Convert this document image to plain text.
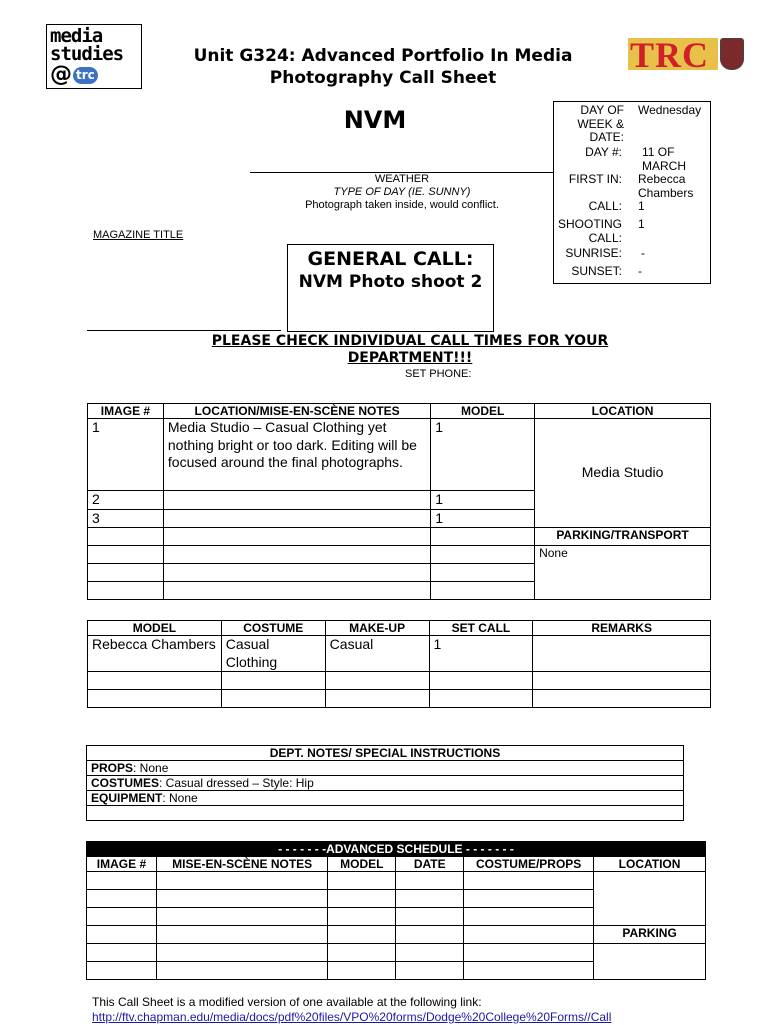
media
studies
@ trc
Unit G324: Advanced Portfolio In Media
Photography Call Sheet
TRC
NVM
WEATHER
TYPE OF DAY (IE. SUNNY)
Photograph taken inside, would conflict.
MAGAZINE TITLE
DAY OF WEEK & DATE:
Wednesday
DAY #: 11 OF MARCH
FIRST IN: Rebecca Chambers
CALL: 1
SHOOTING CALL:
1
SUNRISE: -
SUNSET: -
GENERAL CALL:
NVM Photo shoot 2
PLEASE CHECK INDIVIDUAL CALL TIMES FOR YOUR DEPARTMENT!!!
SET PHONE:
IMAGE #	LOCATION/MISE-EN-SCÈNE NOTES	MODEL	LOCATION
1	Media Studio – Casual Clothing yet nothing bright or too dark. Editing will be focused around the final photographs.	1	Media Studio
2		1	
3		1	
			PARKING/TRANSPORT
			None

MODEL	COSTUME	MAKE-UP	SET CALL	REMARKS
Rebecca Chambers	Casual Clothing	Casual	1	

DEPT. NOTES/ SPECIAL INSTRUCTIONS
PROPS: None
COSTUMES: Casual dressed – Style: Hip
EQUIPMENT: None

- - - - - - -ADVANCED SCHEDULE - - - - - - -					
IMAGE #	MISE-EN-SCÈNE NOTES	MODEL	DATE	COSTUME/PROPS	LOCATION

					PARKING

This Call Sheet is a modified version of one available at the following link:
http://ftv.chapman.edu/media/docs/pdf%20files/VPO%20forms/Dodge%20College%20Forms//Call
